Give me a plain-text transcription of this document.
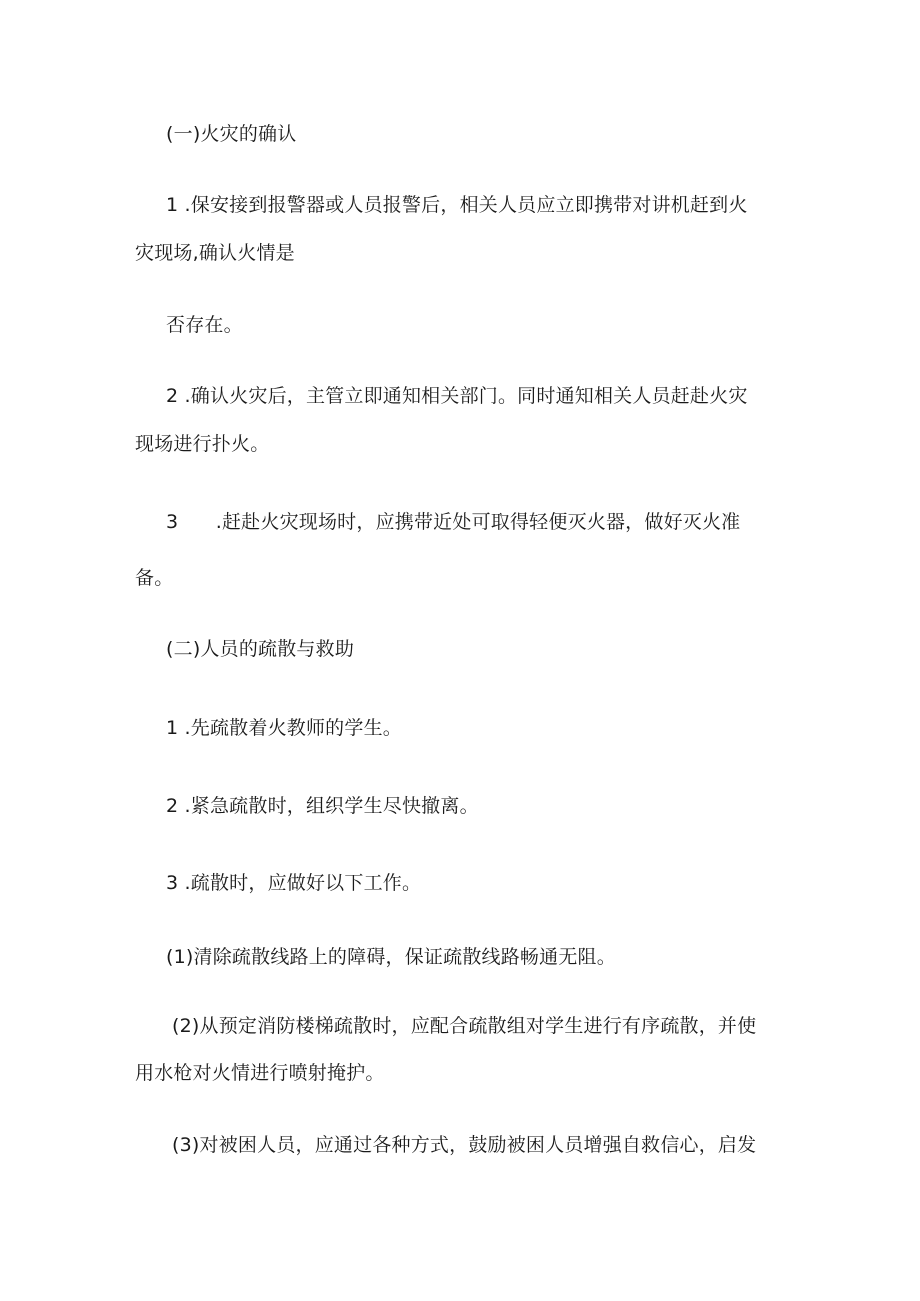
(一)火灾的确认
1 .保安接到报警器或人员报警后，相关人员应立即携带对讲机赶到火
灾现场,确认火情是
否存在。
2 .确认火灾后，主管立即通知相关部门。同时通知相关人员赶赴火灾
现场进行扑火。
3      .赶赴火灾现场时，应携带近处可取得轻便灭火器，做好灭火准
备。
(二)人员的疏散与救助
1 .先疏散着火教师的学生。
2 .紧急疏散时，组织学生尽快撤离。
3 .疏散时，应做好以下工作。
(1)清除疏散线路上的障碍，保证疏散线路畅通无阻。
(2)从预定消防楼梯疏散时，应配合疏散组对学生进行有序疏散，并使
用水枪对火情进行喷射掩护。
(3)对被困人员，应通过各种方式，鼓励被困人员增强自救信心，启发
